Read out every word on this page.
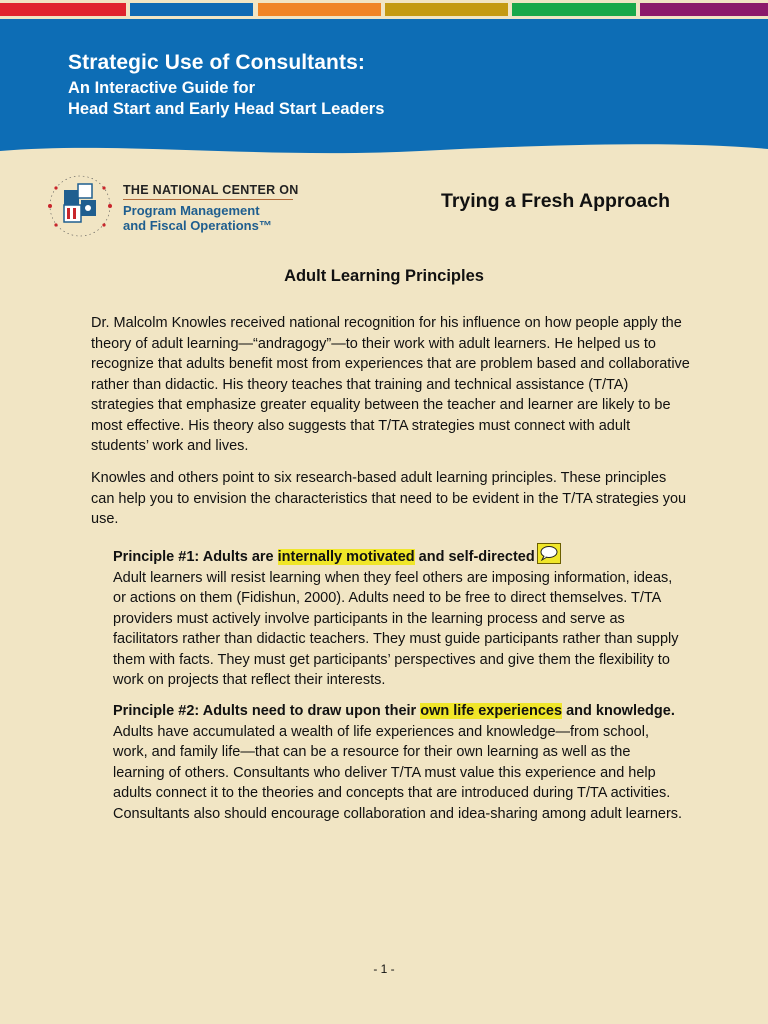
Strategic Use of Consultants:
An Interactive Guide for
Head Start and Early Head Start Leaders
THE NATIONAL CENTER ON
Program Management
and Fiscal Operations™
Trying a Fresh Approach
Adult Learning Principles

Dr. Malcolm Knowles received national recognition for his influence on how people apply the theory of adult learning—“andragogy”—to their work with adult learners. He helped us to recognize that adults benefit most from experiences that are problem based and collaborative rather than didactic. His theory teaches that training and technical assistance (T/TA) strategies that emphasize greater equality between the teacher and learner are likely to be most effective. His theory also suggests that T/TA strategies must connect with adult students’ work and lives.

Knowles and others point to six research-based adult learning principles. These principles can help you to envision the characteristics that need to be evident in the T/TA strategies you use.

Principle #1: Adults are internally motivated and self-directed
Adult learners will resist learning when they feel others are imposing information, ideas, or actions on them (Fidishun, 2000). Adults need to be free to direct themselves. T/TA providers must actively involve participants in the learning process and serve as facilitators rather than didactic teachers. They must guide participants rather than supply them with facts. They must get participants’ perspectives and give them the flexibility to work on projects that reflect their interests.
Principle #2: Adults need to draw upon their own life experiences and knowledge.
Adults have accumulated a wealth of life experiences and knowledge—from school, work, and family life—that can be a resource for their own learning as well as the learning of others. Consultants who deliver T/TA must value this experience and help adults connect it to the theories and concepts that are introduced during T/TA activities. Consultants also should encourage collaboration and idea-sharing among adult learners.
- 1 -
